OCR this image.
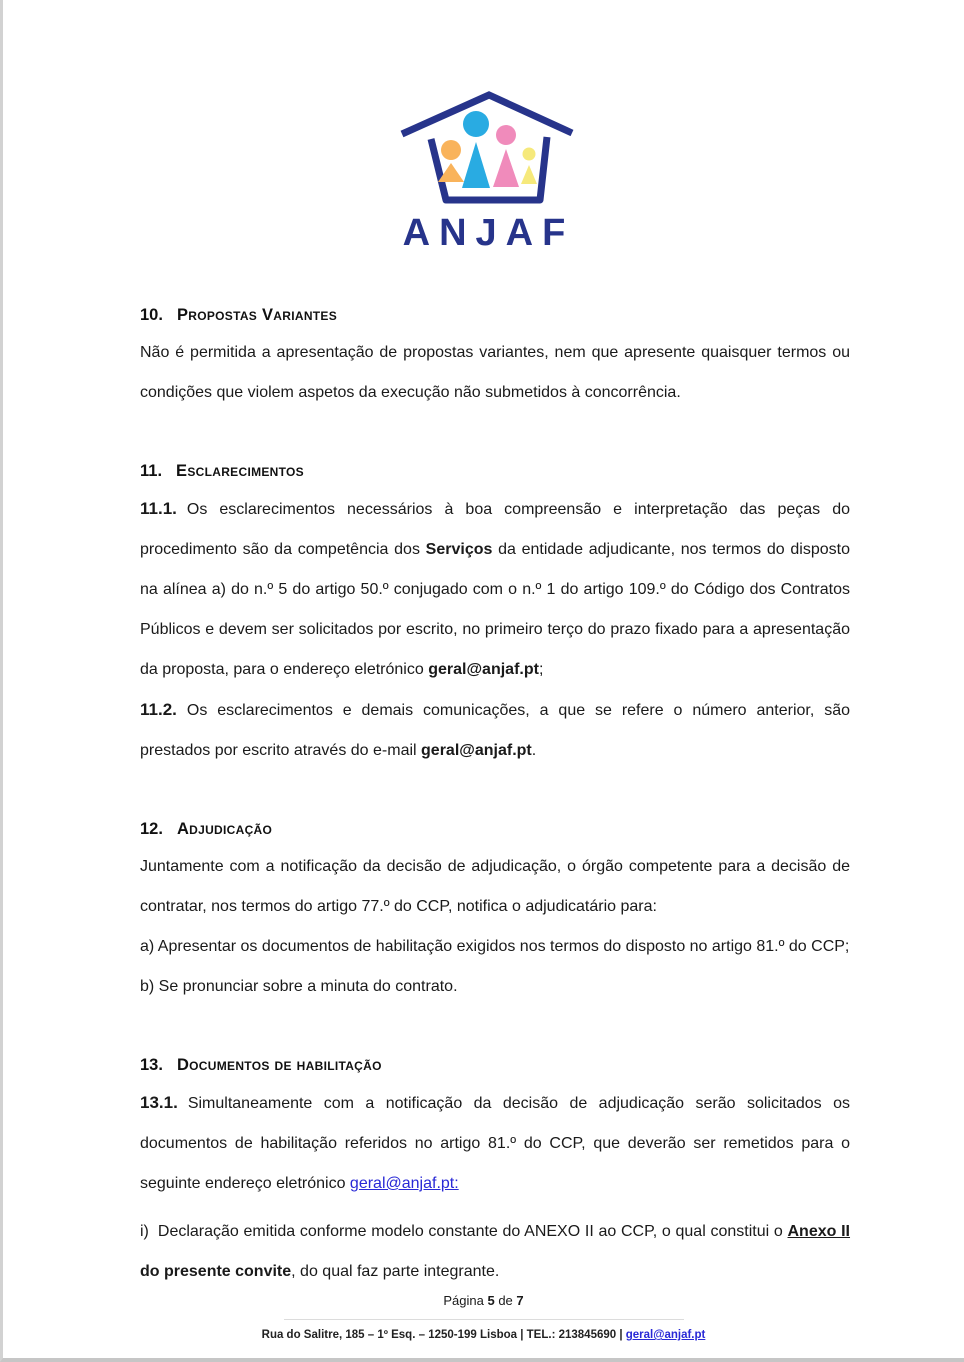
ANJAF
10. Propostas Variantes

Não é permitida a apresentação de propostas variantes, nem que apresente quaisquer termos ou condições que violem aspetos da execução não submetidos à concorrência.

11. Esclarecimentos

11.1. Os esclarecimentos necessários à boa compreensão e interpretação das peças do procedimento são da competência dos Serviços da entidade adjudicante, nos termos do disposto na alínea a) do n.º 5 do artigo 50.º conjugado com o n.º 1 do artigo 109.º do Código dos Contratos Públicos e devem ser solicitados por escrito, no primeiro terço do prazo fixado para a apresentação da proposta, para o endereço eletrónico geral@anjaf.pt;

11.2. Os esclarecimentos e demais comunicações, a que se refere o número anterior, são prestados por escrito através do e-mail geral@anjaf.pt.

12. Adjudicação

Juntamente com a notificação da decisão de adjudicação, o órgão competente para a decisão de contratar, nos termos do artigo 77.º do CCP, notifica o adjudicatário para:

a) Apresentar os documentos de habilitação exigidos nos termos do disposto no artigo 81.º do CCP;

b) Se pronunciar sobre a minuta do contrato.

13. Documentos de habilitação

13.1. Simultaneamente com a notificação da decisão de adjudicação serão solicitados os documentos de habilitação referidos no artigo 81.º do CCP, que deverão ser remetidos para o seguinte endereço eletrónico geral@anjaf.pt:

i) Declaração emitida conforme modelo constante do ANEXO II ao CCP, o qual constitui o Anexo II do presente convite, do qual faz parte integrante.

Página 5 de 7
Rua do Salitre, 185 – 1º Esq. – 1250-199 Lisboa | TEL.: 213845690 | geral@anjaf.pt
